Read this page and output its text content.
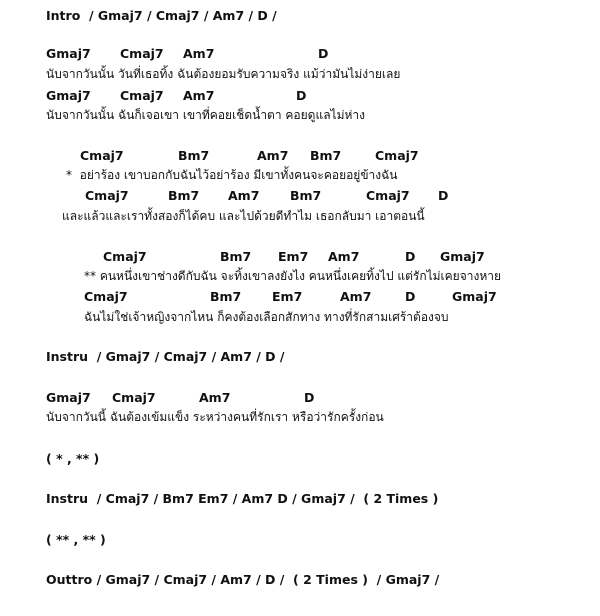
Intro  / Gmaj7 / Cmaj7 / Am7 / D /
Gmaj7 Cmaj7 Am7	D
นับจากวันนั้น วันที่เธอทิ้ง ฉันต้องยอมรับความจริง แม้ว่ามันไม่ง่ายเลย
Gmaj7 Cmaj7 Am7	D
นับจากวันนั้น ฉันก็เจอเขา เขาที่คอยเช็ดน้ำตา คอยดูแลไม่ห่าง
Cmaj7	Bm7	Am7 Bm7	Cmaj7
*  อย่าร้อง เขาบอกกับฉันไว้อย่าร้อง มีเขาทั้งคนจะคอยอยู่ข้างฉัน
Cmaj7	Bm7 Am7 Bm7	Cmaj7 D
และแล้วและเราทั้งสองก็ได้คบ และไปด้วยดีทำไม เธอกลับมา เอาตอนนี้
Cmaj7	Bm7 Em7 Am7	D Gmaj7
** คนหนึ่งเขาช่างดีกับฉัน จะทิ้งเขาลงยังไง คนหนึ่งเคยทิ้งไป แต่รักไม่เคยจางหาย
Cmaj7	Bm7 Em7	Am7	D	Gmaj7
ฉันไม่ใช่เจ้าหญิงจากไหน ก็คงต้องเลือกสักทาง ทางที่รักสามเศร้าต้องจบ
Instru  / Gmaj7 / Cmaj7 / Am7 / D /
Gmaj7 Cmaj7	Am7	D
นับจากวันนี้ ฉันต้องเข้มแข็ง ระหว่างคนที่รักเรา หรือว่ารักครั้งก่อน
( * , ** )
Instru  / Cmaj7 / Bm7 Em7 / Am7 D / Gmaj7 /  ( 2 Times )
( ** , ** )
Outtro / Gmaj7 / Cmaj7 / Am7 / D /  ( 2 Times )  / Gmaj7 /
